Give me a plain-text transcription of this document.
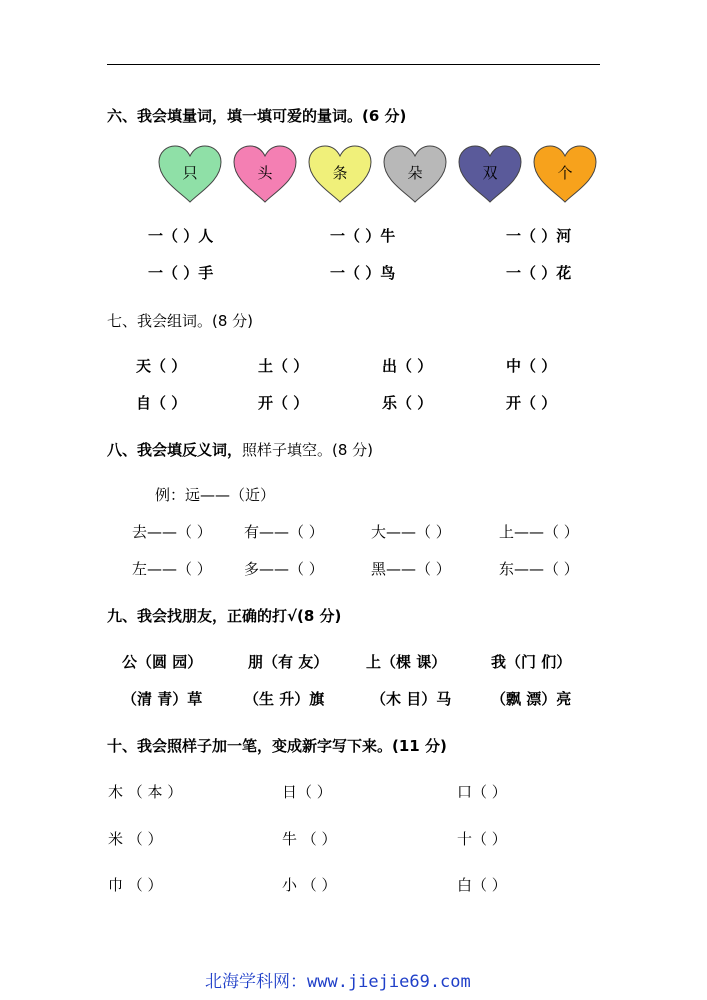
六、我会填量词，填一填可爱的量词。(6 分)
只	头	条	朵	双	个
一（ ）人	一（ ）牛	一（ ）河
一（ ）手	一（ ）鸟	一（ ）花
七、我会组词。(8 分)
天（ ）	土（ ）	出（ ）	中（ ）
自（ ）	开（ ）	乐（ ）	开（ ）
八、我会填反义词，照样子填空。(8 分)
例：远——（近）
去——（ ） 有——（ ）	大——（ ）	上——（ ）
左——（ ） 多——（ ）	黑——（ ）	东——（ ）
九、我会找朋友，正确的打√(8 分)
公（圆 园）	朋（有 友）	上（棵 课）	我（门 们）
（清 青）草	（生 升）旗	（木 目）马	（飘 漂）亮
十、我会照样子加一笔，变成新字写下来。(11 分)
木 （ 本 ）	日（ ）	口（ ）
米 （ ）	牛 （ ）	十（ ）
巾 （ ）	小 （ ）	白（ ）
北海学科网：www.jiejie69.com
